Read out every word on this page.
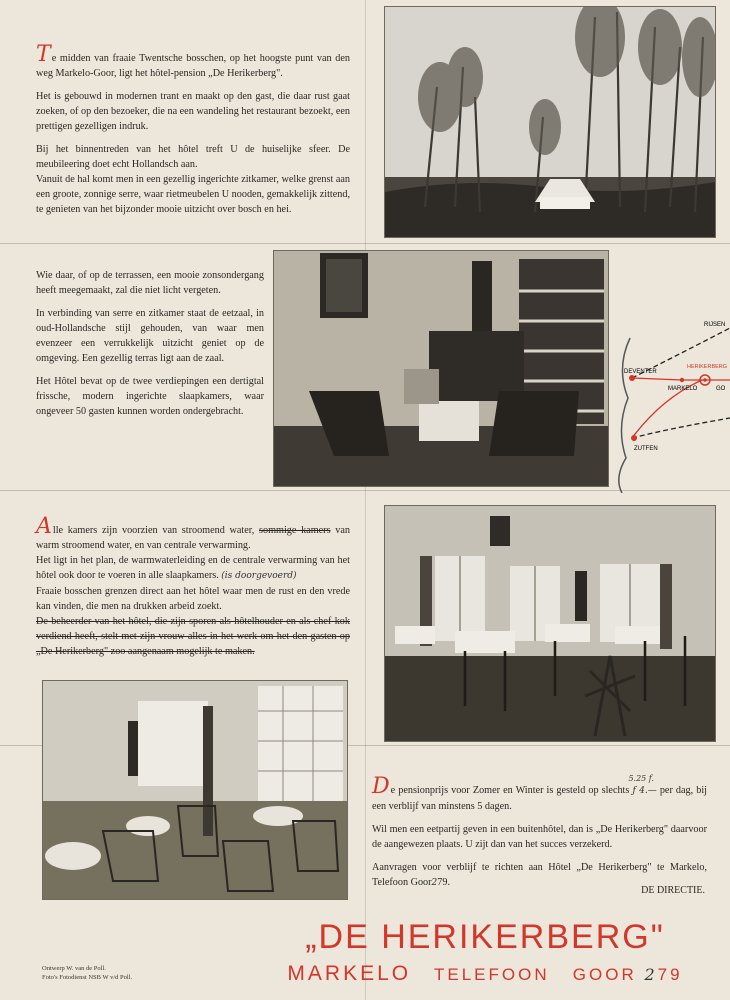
Te midden van fraaie Twentsche bosschen, op het hoogste punt van den weg Markelo-Goor, ligt het hôtel-pension „De Herikerberg".

Het is gebouwd in modernen trant en maakt op den gast, die daar rust gaat zoeken, of op den bezoeker, die na een wandeling het restaurant bezoekt, een prettigen gezelligen indruk.

Bij het binnentreden van het hôtel treft U de huiselijke sfeer. De meubileering doet echt Hollandsch aan.

Vanuit de hal komt men in een gezellig ingerichte zitkamer, welke grenst aan een groote, zonnige serre, waar rietmeubelen U nooden, gemakkelijk zittend, te genieten van het bijzonder mooie uitzicht over bosch en hei.

Wie daar, of op de terrassen, een mooie zonsondergang heeft meegemaakt, zal die niet licht vergeten.

In verbinding van serre en zitkamer staat de eetzaal, in oud-Hollandsche stijl gehouden, van waar men evenzeer een verrukkelijk uitzicht geniet op de omgeving. Een gezellig terras ligt aan de zaal.

Het Hôtel bevat op de twee verdiepingen een dertigtal frissche, modern ingerichte slaapkamers, waar ongeveer 50 gasten kunnen worden ondergebracht.

RIJSEN
HERIKERBERG
DEVENTER
MARKELO	GO
ZUTFEN

Alle kamers zijn voorzien van stroomend water, sommige kamers van warm stroomend water, en van centrale verwarming.

Het ligt in het plan, de warmwaterleiding en de centrale verwarming van het hôtel ook door te voeren in alle slaapkamers. (is doorgevoerd)

Fraaie bosschen grenzen direct aan het hôtel waar men de rust en den vrede kan vinden, die men na drukken arbeid zoekt.

De beheerder van het hôtel, die zijn sporen als hôtelhouder en als chef-kok verdiend heeft, stelt met zijn vrouw alles in het werk om het den gasten op „De Herikerberg" zoo aangenaam mogelijk te maken.

De pensionprijs voor Zomer en Winter is gesteld op slechts
5.25 f.
ƒ 4.— per dag, bij een verblijf van minstens 5 dagen.

Wil men een eetpartij geven in een buitenhôtel, dan is „De Herikerberg" daarvoor de aangewezen plaats. U zijt dan van het succes verzekerd.

Aanvragen voor verblijf te richten aan Hôtel „De Herikerberg" te Markelo, Telefoon Goor279.

DE DIRECTIE.
Ontwerp W. van de Poll.
Foto's Fotodienst NSB W v/d Poll.
„DE HERIKERBERG"
MARKELO TELEFOON GOOR 279
